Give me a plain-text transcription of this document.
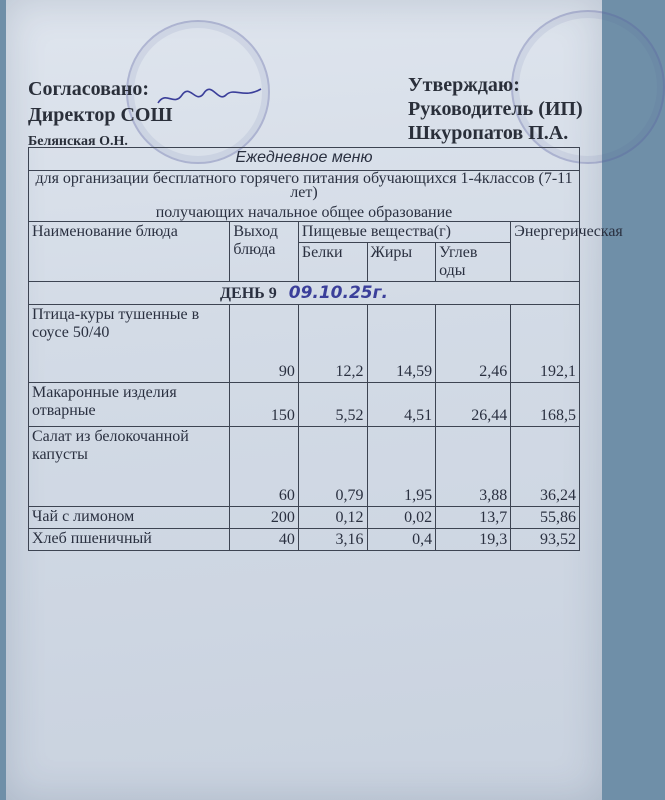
Согласовано:
Директор СОШ
Белянская О.Н.
Утверждаю:
Руководитель (ИП)
Шкуропатов П.А.
Ежедневное меню					

для организации бесплатного горячего питания обучающихся 1-4классов (7-11 лет)
получающих начальное общее образование					

Наименование блюда	Выход блюда	Пищевые вещества(г)			Энергеричеcкая
		Белки	Жиры	Углев оды	
ДЕНЬ 9 09.10.25г.					
Птица-куры тушенные в соусе 50/40	90	12,2	14,59	2,46	192,1
Макаронные изделия отварные	150	5,52	4,51	26,44	168,5
Салат из белокочанной капусты	60	0,79	1,95	3,88	36,24
Чай с лимоном	200	0,12	0,02	13,7	55,86
Хлеб пшеничный	40	3,16	0,4	19,3	93,52
